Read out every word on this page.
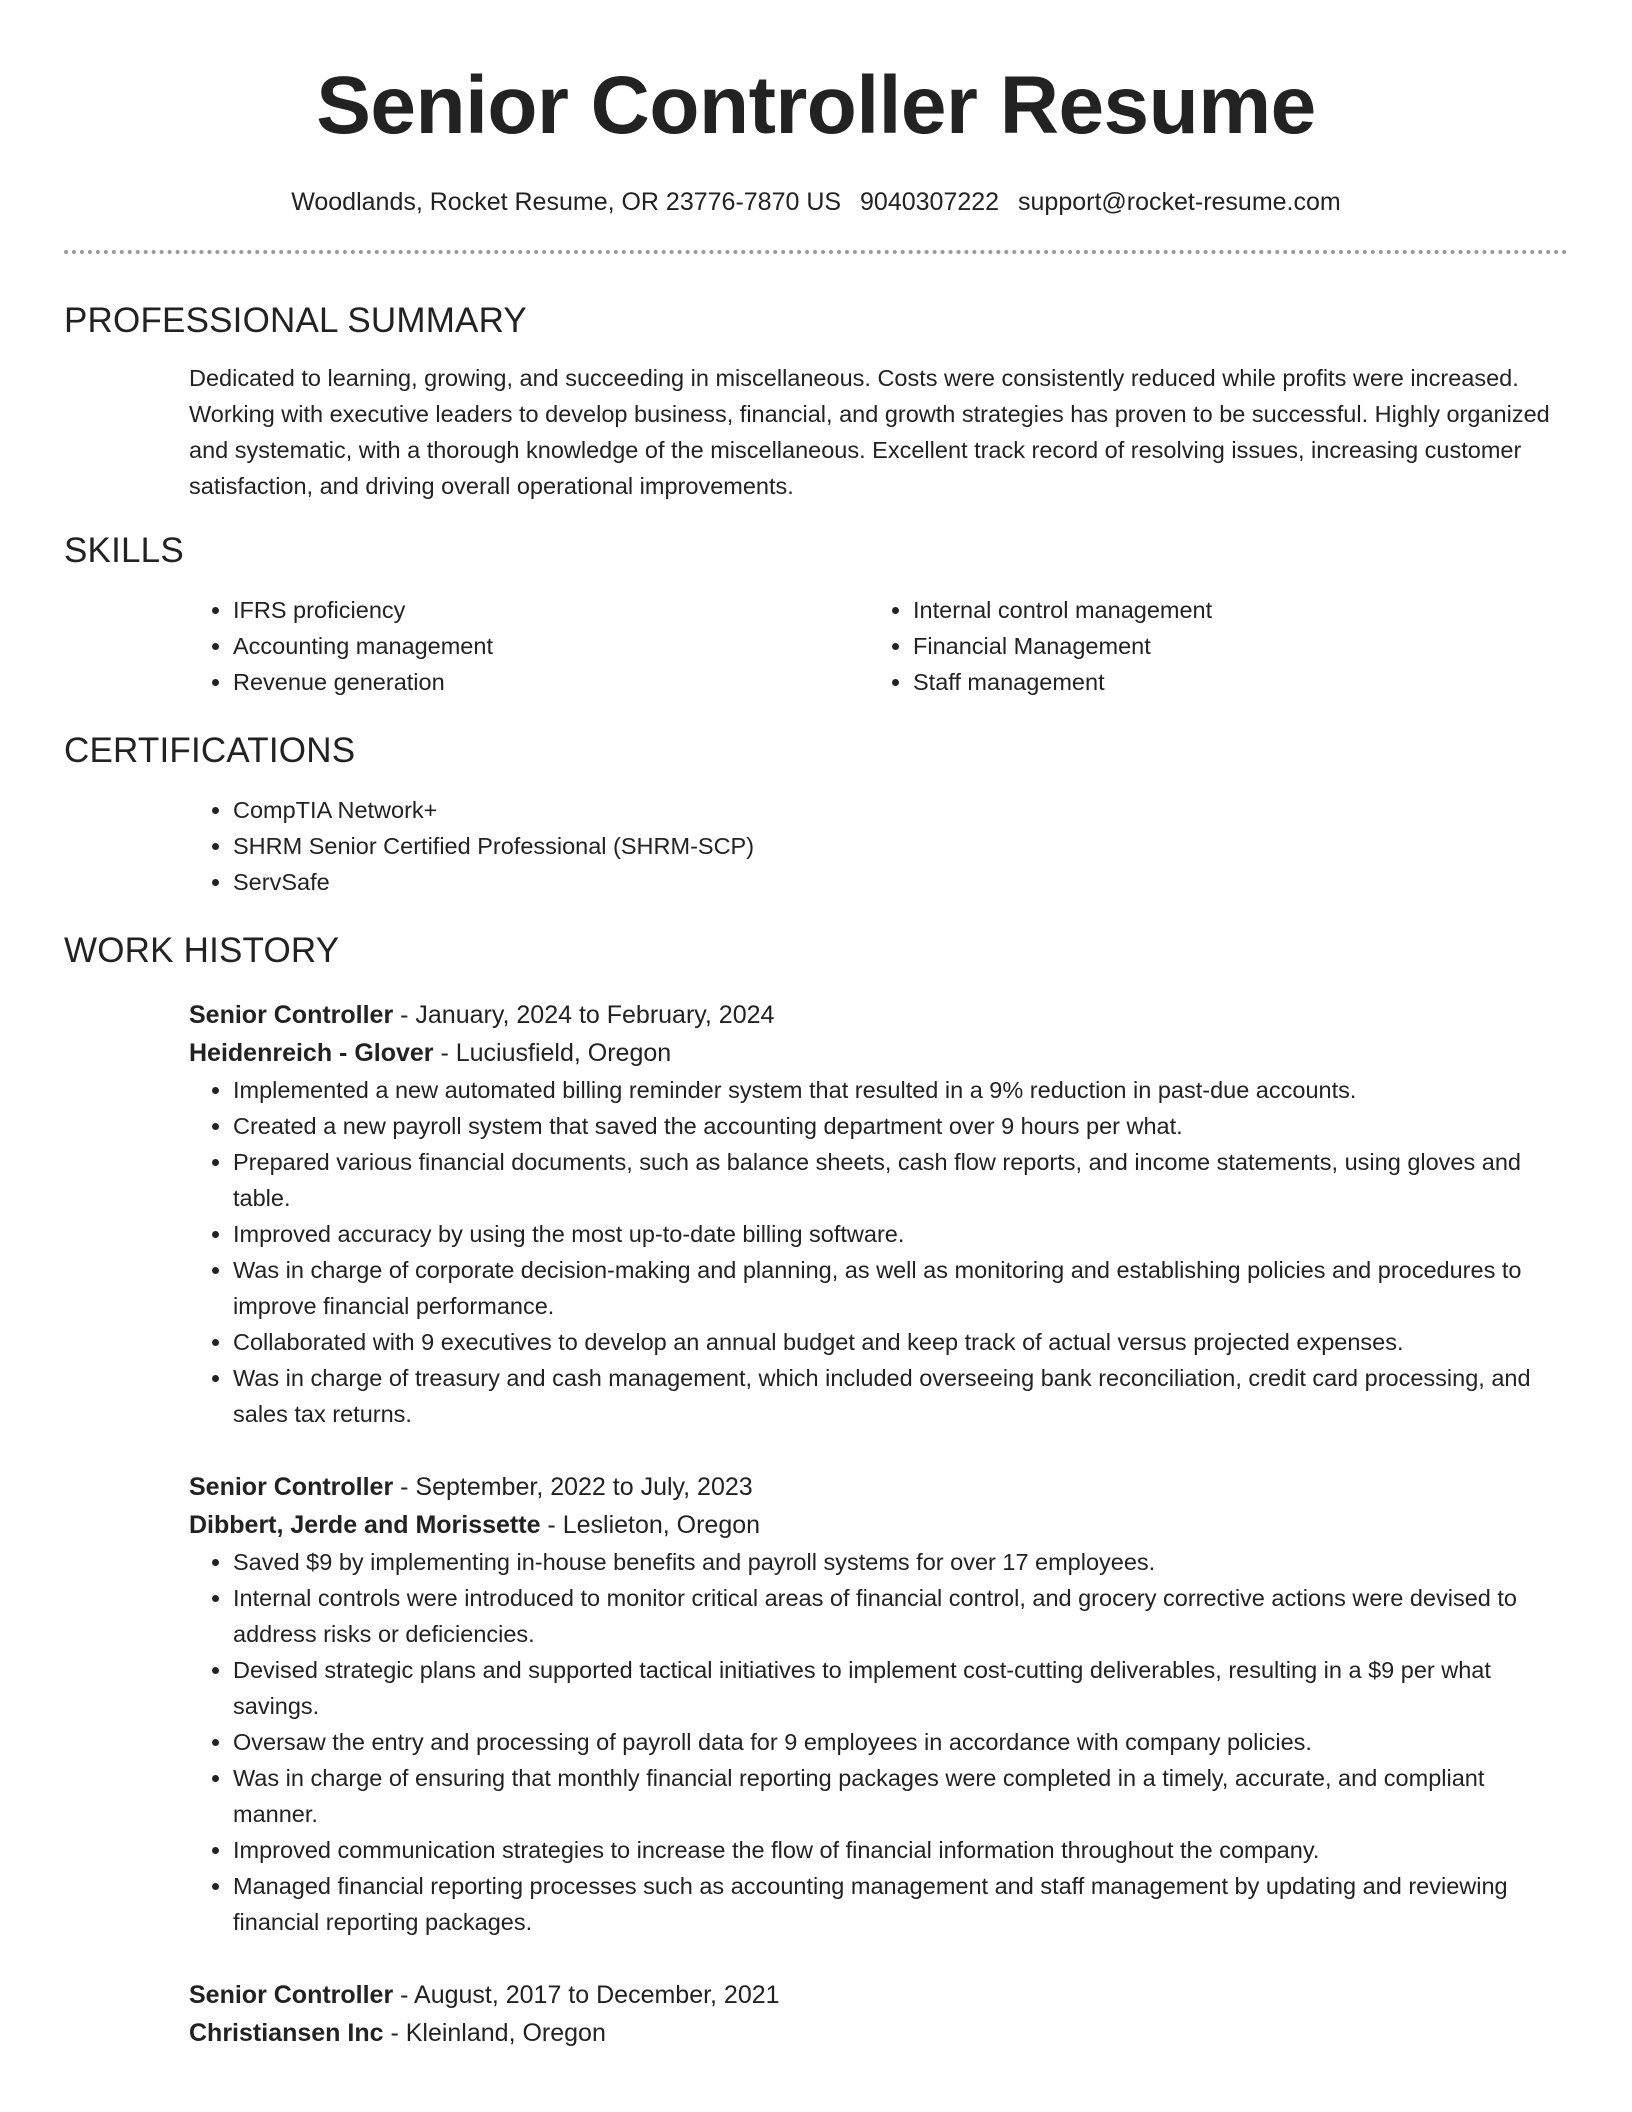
Senior Controller Resume
Woodlands, Rocket Resume, OR 23776-7870 US 9040307222 support@rocket-resume.com
PROFESSIONAL SUMMARY

Dedicated to learning, growing, and succeeding in miscellaneous. Costs were consistently reduced while profits were increased. Working with executive leaders to develop business, financial, and growth strategies has proven to be successful. Highly organized and systematic, with a thorough knowledge of the miscellaneous. Excellent track record of resolving issues, increasing customer satisfaction, and driving overall operational improvements.

SKILLS
• IFRS proficiency
• Accounting management
• Revenue generation
• Internal control management
• Financial Management
• Staff management
CERTIFICATIONS
• CompTIA Network+
• SHRM Senior Certified Professional (SHRM-SCP)
• ServSafe
WORK HISTORY
Senior Controller - January, 2024 to February, 2024
Heidenreich - Glover - Luciusfield, Oregon
• Implemented a new automated billing reminder system that resulted in a 9% reduction in past-due accounts.
• Created a new payroll system that saved the accounting department over 9 hours per what.
• Prepared various financial documents, such as balance sheets, cash flow reports, and income statements, using gloves and table.
• Improved accuracy by using the most up-to-date billing software.
• Was in charge of corporate decision-making and planning, as well as monitoring and establishing policies and procedures to improve financial performance.
• Collaborated with 9 executives to develop an annual budget and keep track of actual versus projected expenses.
• Was in charge of treasury and cash management, which included overseeing bank reconciliation, credit card processing, and sales tax returns.
Senior Controller - September, 2022 to July, 2023
Dibbert, Jerde and Morissette - Leslieton, Oregon
• Saved $9 by implementing in-house benefits and payroll systems for over 17 employees.
• Internal controls were introduced to monitor critical areas of financial control, and grocery corrective actions were devised to address risks or deficiencies.
• Devised strategic plans and supported tactical initiatives to implement cost-cutting deliverables, resulting in a $9 per what savings.
• Oversaw the entry and processing of payroll data for 9 employees in accordance with company policies.
• Was in charge of ensuring that monthly financial reporting packages were completed in a timely, accurate, and compliant manner.
• Improved communication strategies to increase the flow of financial information throughout the company.
• Managed financial reporting processes such as accounting management and staff management by updating and reviewing financial reporting packages.
Senior Controller - August, 2017 to December, 2021
Christiansen Inc - Kleinland, Oregon
